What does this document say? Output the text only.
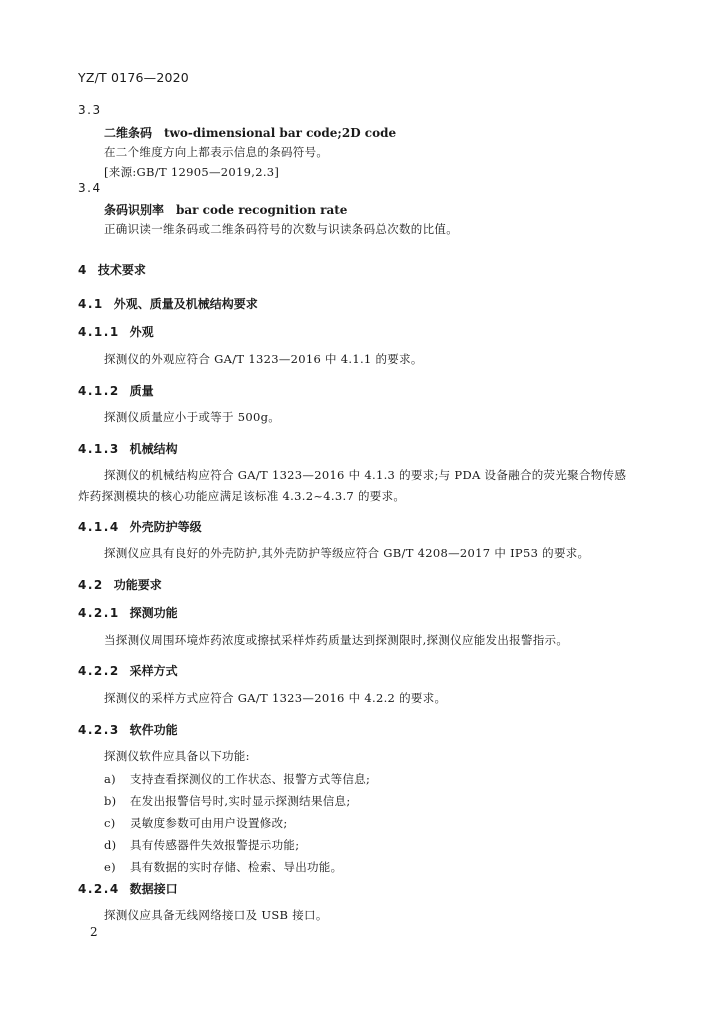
YZ/T 0176—2020
3.3
二维条码 two-dimensional bar code;2D code
在二个维度方向上都表示信息的条码符号。
[来源:GB/T 12905—2019,2.3]
3.4
条码识别率 bar code recognition rate
正确识读一维条码或二维条码符号的次数与识读条码总次数的比值。
4 技术要求
4.1 外观、质量及机械结构要求
4.1.1 外观
探测仪的外观应符合 GA/T 1323—2016 中 4.1.1 的要求。
4.1.2 质量
探测仪质量应小于或等于 500g。
4.1.3 机械结构
探测仪的机械结构应符合 GA/T 1323—2016 中 4.1.3 的要求;与 PDA 设备融合的荧光聚合物传感
炸药探测模块的核心功能应满足该标准 4.3.2~4.3.7 的要求。
4.1.4 外壳防护等级
探测仪应具有良好的外壳防护,其外壳防护等级应符合 GB/T 4208—2017 中 IP53 的要求。
4.2 功能要求
4.2.1 探测功能
当探测仪周围环境炸药浓度或擦拭采样炸药质量达到探测限时,探测仪应能发出报警指示。
4.2.2 采样方式
探测仪的采样方式应符合 GA/T 1323—2016 中 4.2.2 的要求。
4.2.3 软件功能
探测仪软件应具备以下功能:
a) 支持查看探测仪的工作状态、报警方式等信息;
b) 在发出报警信号时,实时显示探测结果信息;
c) 灵敏度参数可由用户设置修改;
d) 具有传感器件失效报警提示功能;
e) 具有数据的实时存储、检索、导出功能。
4.2.4 数据接口
探测仪应具备无线网络接口及 USB 接口。
2
